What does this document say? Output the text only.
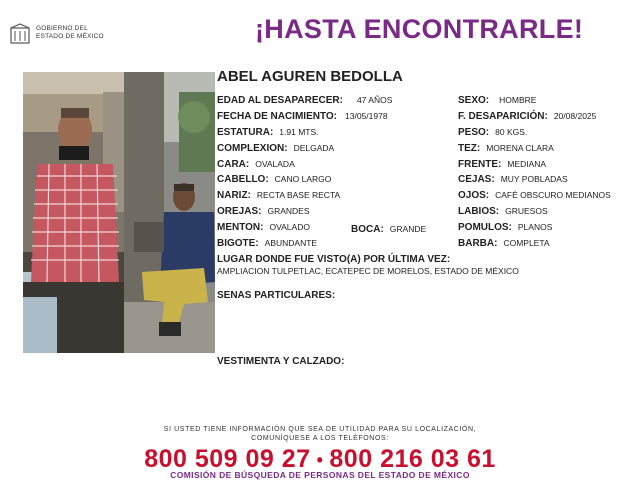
GOBIERNO DEL
ESTADO DE MÉXICO	¡HASTA ENCONTRARLE!
ABEL AGUREN BEDOLLA
EDAD AL DESAPARECER: 47 AÑOS
FECHA DE NACIMIENTO: 13/05/1978
ESTATURA: 1.91 MTS.
COMPLEXION: DELGADA
CARA: OVALADA
CABELLO: CANO LARGO
NARIZ: RECTA BASE RECTA
OREJAS: GRANDES
MENTON: OVALADO
BIGOTE: ABUNDANTE
BOCA: GRANDE
SEXO: HOMBRE
F. DESAPARICIÓN: 20/08/2025
PESO: 80 KGS.
TEZ: MORENA CLARA
FRENTE: MEDIANA
CEJAS: MUY POBLADAS
OJOS: CAFÉ OBSCURO MEDIANOS
LABIOS: GRUESOS
POMULOS: PLANOS
BARBA: COMPLETA
LUGAR DONDE FUE VISTO(A) POR ÚLTIMA VEZ:
AMPLIACION TULPETLAC, ECATEPEC DE MORELOS, ESTADO DE MÉXICO
SENAS PARTICULARES:
VESTIMENTA Y CALZADO:
SI USTED TIENE INFORMACIÓN QUE SEA DE UTILIDAD PARA SU LOCALIZACIÓN,
COMUNÍQUESE A LOS TELÉFONOS:
800 509 09 27 • 800 216 03 61
COMISIÓN DE BÚSQUEDA DE PERSONAS DEL ESTADO DE MÉXICO
